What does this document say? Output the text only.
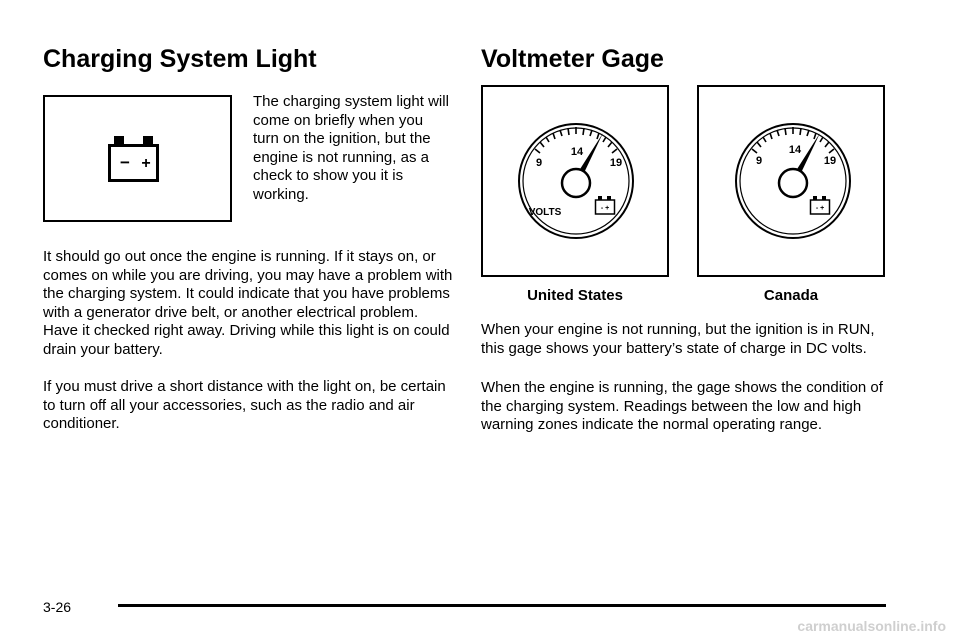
Charging System Light
− +

The charging system light will come on briefly when you turn on the ignition, but the engine is not running, as a check to show you it is working.

It should go out once the engine is running. If it stays on, or comes on while you are driving, you may have a problem with the charging system. It could indicate that you have problems with a generator drive belt, or another electrical problem. Have it checked right away. Driving while this light is on could drain your battery.

If you must drive a short distance with the light on, be certain to turn off all your accessories, such as the radio and air conditioner.

Voltmeter Gage
9
14
19
VOLTS	- +
9
14
19
- +
United States	Canada

When your engine is not running, but the ignition is in RUN, this gage shows your battery’s state of charge in DC volts.

When the engine is running, the gage shows the condition of the charging system. Readings between the low and high warning zones indicate the normal operating range.

3-26
carmanualsonline.info
